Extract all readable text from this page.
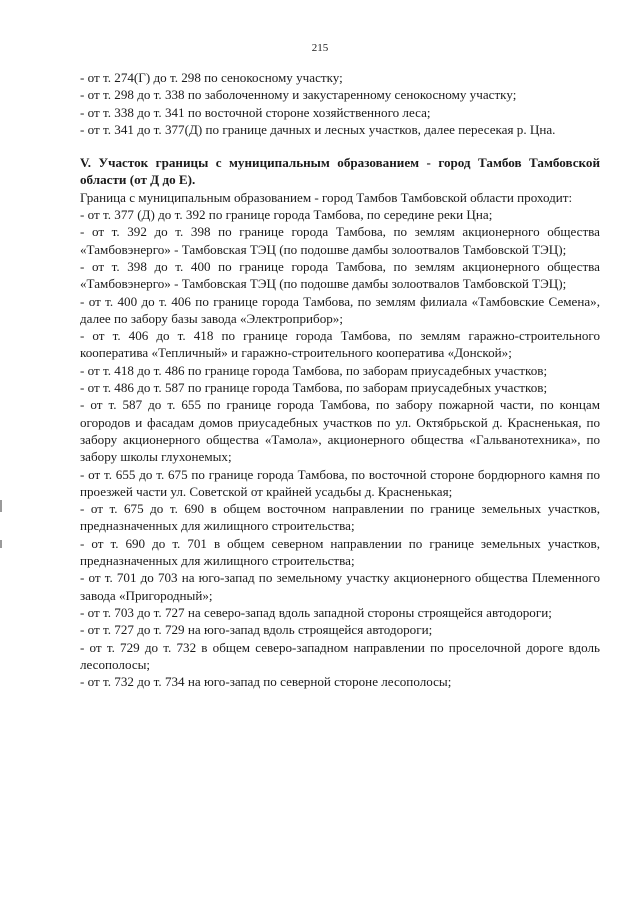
215

- от т. 274(Г) до т. 298 по сенокосному участку;

- от т. 298 до т. 338 по заболоченному и закустаренному сенокосному участку;

- от т. 338 до т. 341 по восточной стороне хозяйственного леса;

- от т. 341 до т. 377(Д) по границе дачных и лесных участков, далее пересекая р. Цна.

V. Участок границы с муниципальным образованием - город Тамбов Тамбовской области (от Д до Е).

Граница с муниципальным образованием - город Тамбов Тамбовской области проходит:

- от т. 377 (Д) до т. 392 по границе города Тамбова, по середине реки Цна;

- от т. 392 до т. 398 по границе города Тамбова, по землям акционерного общества «Тамбовэнерго» - Тамбовская ТЭЦ (по подошве дамбы золоотвалов Тамбовской ТЭЦ);

- от т. 398 до т. 400 по границе города Тамбова, по землям акционерного общества «Тамбовэнерго» - Тамбовская ТЭЦ (по подошве дамбы золоотвалов Тамбовской ТЭЦ);

- от т. 400 до т. 406 по границе города Тамбова, по землям филиала «Тамбовские Семена», далее по забору базы завода «Электроприбор»;

- от т. 406 до т. 418 по границе города Тамбова, по землям гаражно-строительного кооператива «Тепличный» и гаражно-строительного кооператива «Донской»;

- от т. 418 до т. 486 по границе города Тамбова, по заборам приусадебных участков;

- от т. 486 до т. 587 по границе города Тамбова, по заборам приусадебных участков;

- от т. 587 до т. 655 по границе города Тамбова, по забору пожарной части, по концам огородов и фасадам домов приусадебных участков по ул. Октябрьской д. Красненькая, по забору акционерного общества «Тамола», акционерного общества «Гальванотехника», по забору школы глухонемых;

- от т. 655 до т. 675 по границе города Тамбова, по восточной стороне бордюрного камня по проезжей части ул. Советской от крайней усадьбы д. Красненькая;

- от т. 675 до т. 690 в общем восточном направлении по границе земельных участков, предназначенных для жилищного строительства;

- от т. 690 до т. 701 в общем северном направлении по границе земельных участков, предназначенных для жилищного строительства;

- от т. 701 до 703 на юго-запад по земельному участку акционерного общества Племенного завода «Пригородный»;

- от т. 703 до т. 727 на северо-запад вдоль западной стороны строящейся автодороги;

- от т. 727 до т. 729 на юго-запад вдоль строящейся автодороги;

- от т. 729 до т. 732 в общем северо-западном направлении по проселочной дороге вдоль лесополосы;

- от т. 732 до т. 734 на юго-запад по северной стороне лесополосы;
